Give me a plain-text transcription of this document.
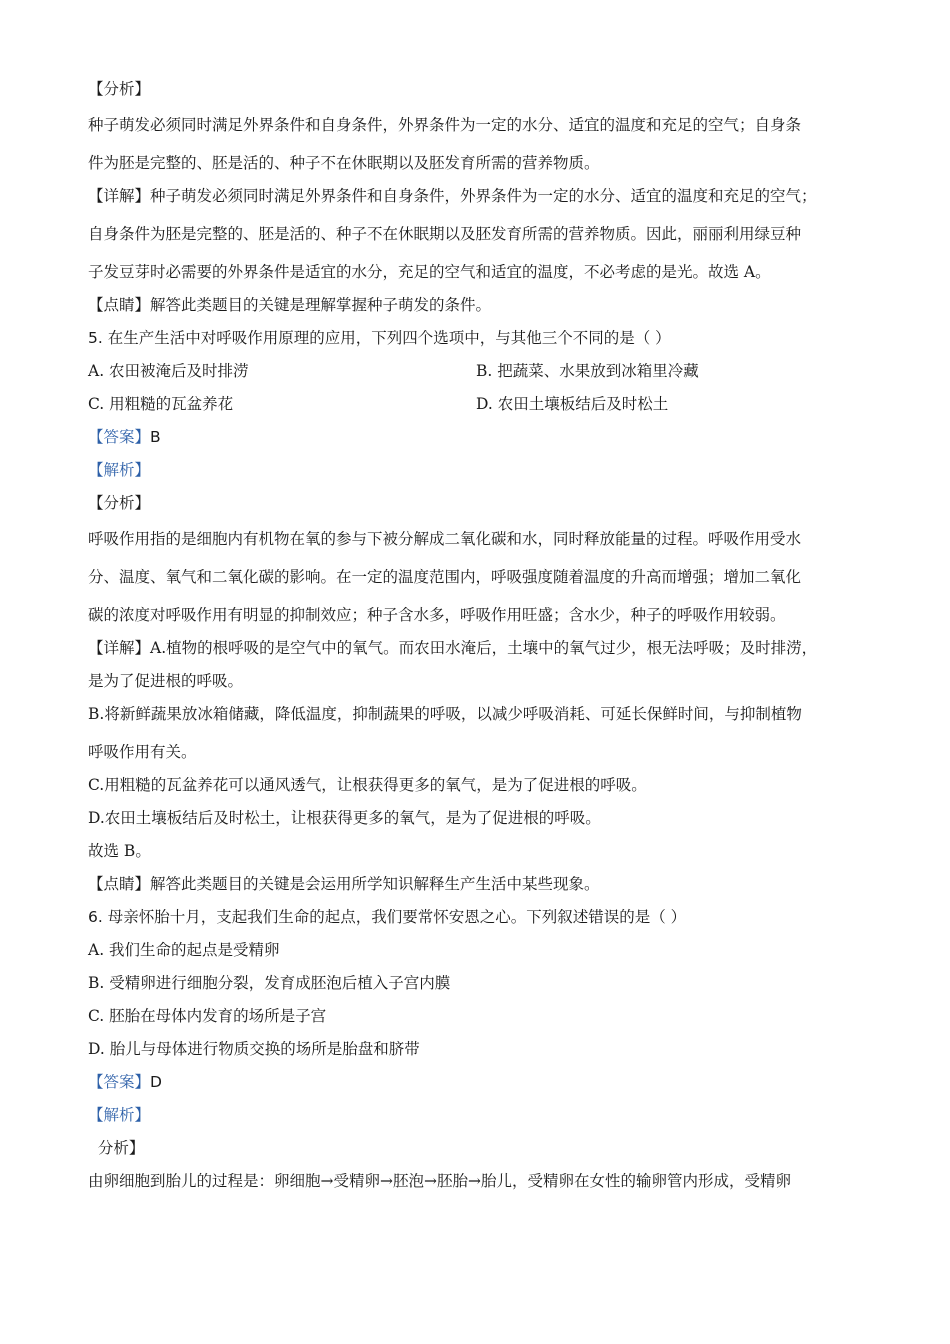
【分析】
种子萌发必须同时满足外界条件和自身条件，外界条件为一定的水分、适宜的温度和充足的空气；自身条
件为胚是完整的、胚是活的、种子不在休眠期以及胚发育所需的营养物质。
【详解】种子萌发必须同时满足外界条件和自身条件，外界条件为一定的水分、适宜的温度和充足的空气；
自身条件为胚是完整的、胚是活的、种子不在休眠期以及胚发育所需的营养物质。因此，丽丽利用绿豆种
子发豆芽时必需要的外界条件是适宜的水分，充足的空气和适宜的温度，不必考虑的是光。故选 A。
【点睛】解答此类题目的关键是理解掌握种子萌发的条件。
5. 在生产生活中对呼吸作用原理的应用，下列四个选项中，与其他三个不同的是（ ）
A. 农田被淹后及时排涝	B. 把蔬菜、水果放到冰箱里冷藏
C. 用粗糙的瓦盆养花	D. 农田土壤板结后及时松土
【答案】B
【解析】
【分析】
呼吸作用指的是细胞内有机物在氧的参与下被分解成二氧化碳和水，同时释放能量的过程。呼吸作用受水
分、温度、氧气和二氧化碳的影响。在一定的温度范围内，呼吸强度随着温度的升高而增强；增加二氧化
碳的浓度对呼吸作用有明显的抑制效应；种子含水多，呼吸作用旺盛；含水少，种子的呼吸作用较弱。
【详解】A.植物的根呼吸的是空气中的氧气。而农田水淹后，土壤中的氧气过少，根无法呼吸；及时排涝，
是为了促进根的呼吸。
B.将新鲜蔬果放冰箱储藏，降低温度，抑制蔬果的呼吸，以减少呼吸消耗、可延长保鲜时间，与抑制植物
呼吸作用有关。
C.用粗糙的瓦盆养花可以通风透气，让根获得更多的氧气，是为了促进根的呼吸。
D.农田土壤板结后及时松土，让根获得更多的氧气，是为了促进根的呼吸。
故选 B。
【点睛】解答此类题目的关键是会运用所学知识解释生产生活中某些现象。
6. 母亲怀胎十月，支起我们生命的起点，我们要常怀安恩之心。下列叙述错误的是（ ）
A. 我们生命的起点是受精卵
B. 受精卵进行细胞分裂，发育成胚泡后植入子宫内膜
C. 胚胎在母体内发育的场所是子宫
D. 胎儿与母体进行物质交换的场所是胎盘和脐带
【答案】D
【解析】
分析】
由卵细胞到胎儿的过程是：卵细胞→受精卵→胚泡→胚胎→胎儿，受精卵在女性的输卵管内形成，受精卵
